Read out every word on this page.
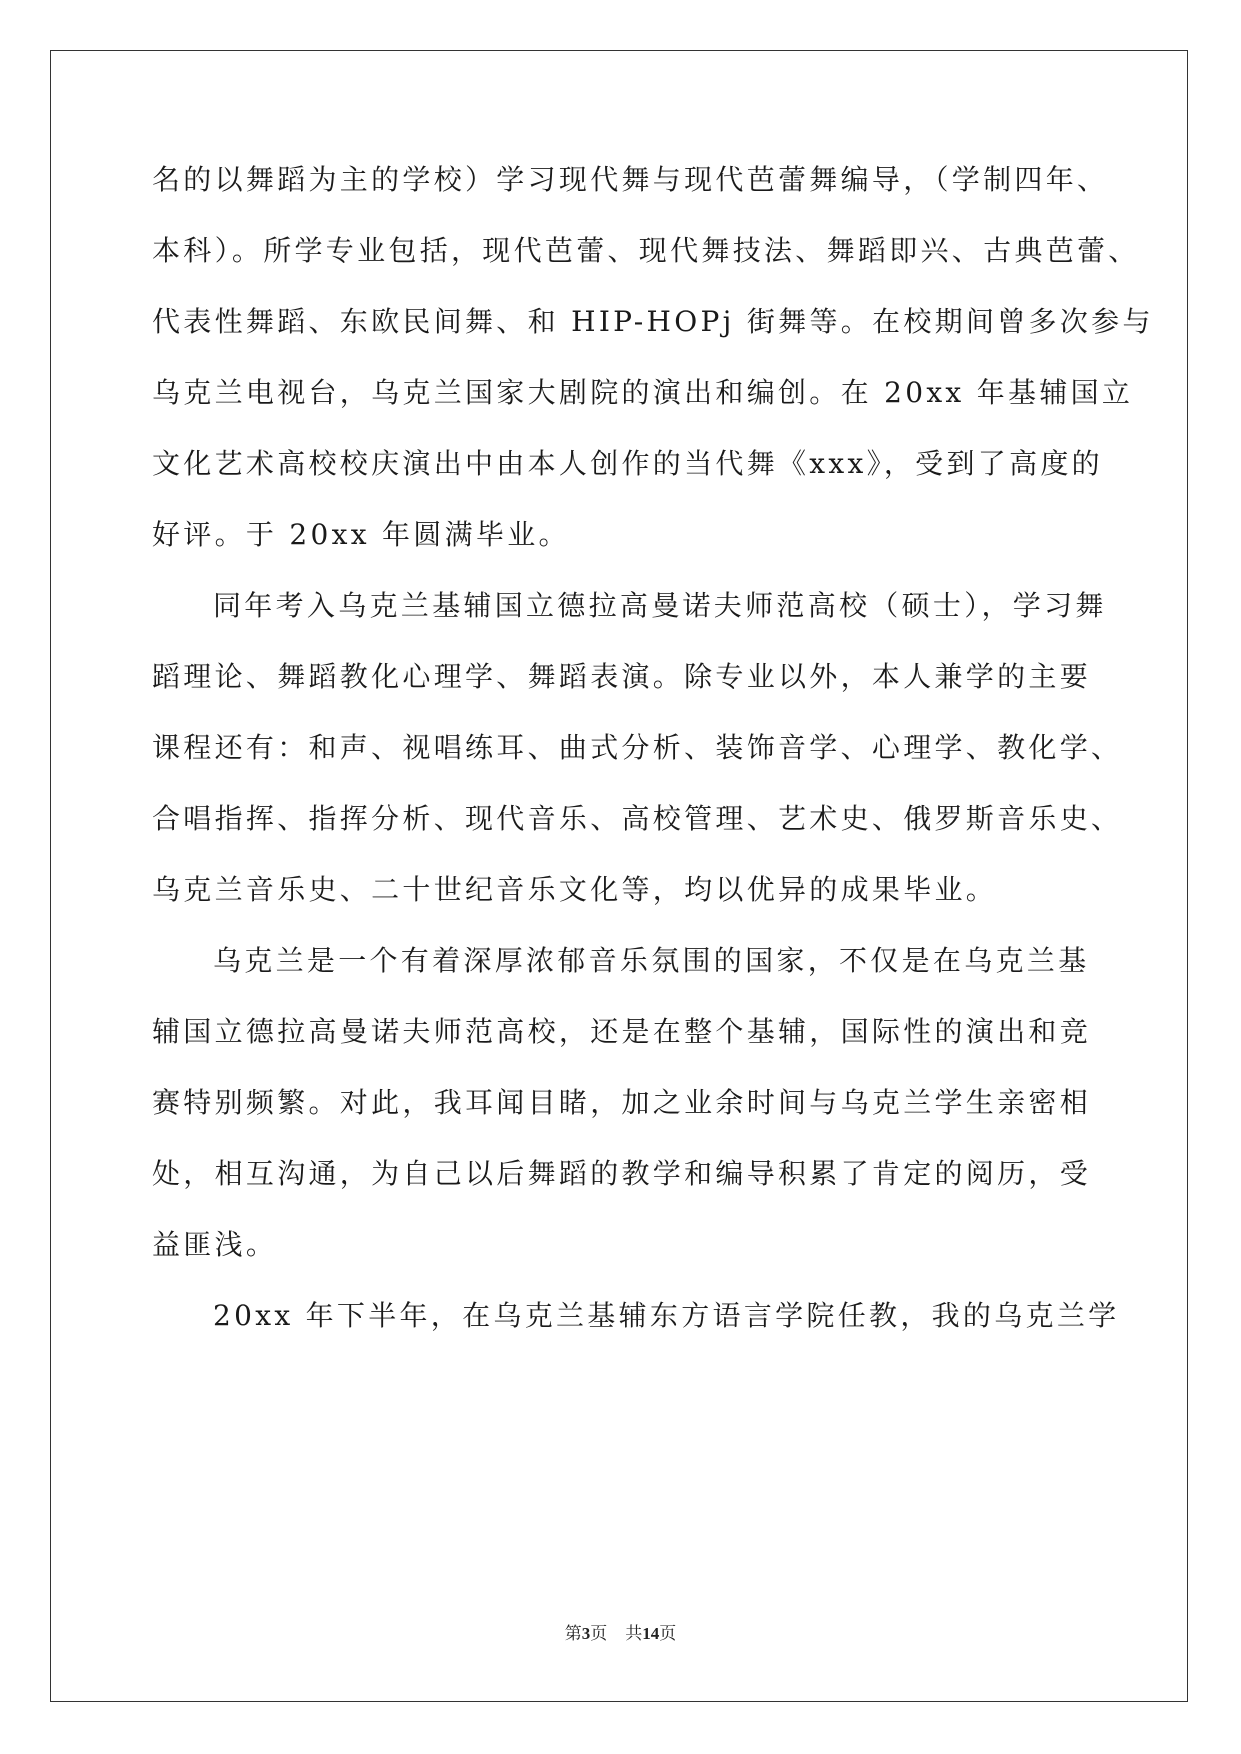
名的以舞蹈为主的学校）学习现代舞与现代芭蕾舞编导，（学制四年、
本科）。所学专业包括，现代芭蕾、现代舞技法、舞蹈即兴、古典芭蕾、
代表性舞蹈、东欧民间舞、和 HIP-HOPj 街舞等。在校期间曾多次参与
乌克兰电视台，乌克兰国家大剧院的演出和编创。在 20xx 年基辅国立
文化艺术高校校庆演出中由本人创作的当代舞《xxx》，受到了高度的
好评。于 20xx 年圆满毕业。
同年考入乌克兰基辅国立德拉高曼诺夫师范高校（硕士），学习舞
蹈理论、舞蹈教化心理学、舞蹈表演。除专业以外，本人兼学的主要
课程还有：和声、视唱练耳、曲式分析、装饰音学、心理学、教化学、
合唱指挥、指挥分析、现代音乐、高校管理、艺术史、俄罗斯音乐史、
乌克兰音乐史、二十世纪音乐文化等，均以优异的成果毕业。
乌克兰是一个有着深厚浓郁音乐氛围的国家，不仅是在乌克兰基
辅国立德拉高曼诺夫师范高校，还是在整个基辅，国际性的演出和竞
赛特别频繁。对此，我耳闻目睹，加之业余时间与乌克兰学生亲密相
处，相互沟通，为自己以后舞蹈的教学和编导积累了肯定的阅历，受
益匪浅。
20xx 年下半年，在乌克兰基辅东方语言学院任教，我的乌克兰学
第3页 共14页
